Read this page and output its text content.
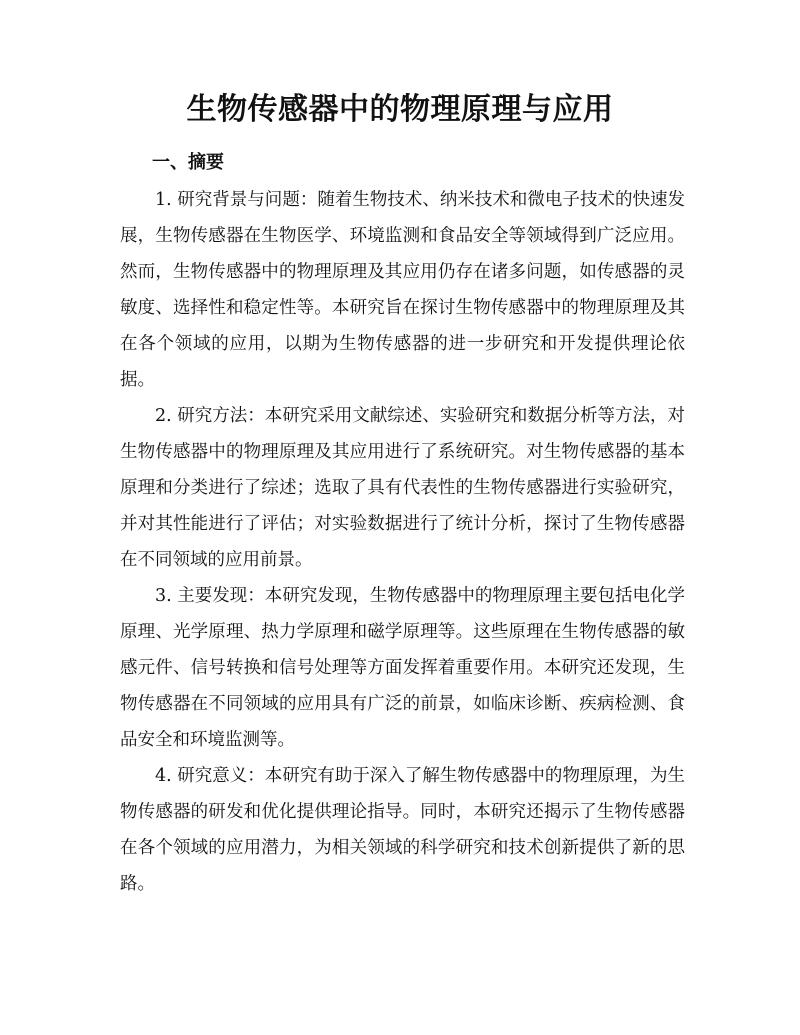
生物传感器中的物理原理与应用
一、摘要

1. 研究背景与问题：随着生物技术、纳米技术和微电子技术的快速发展，生物传感器在生物医学、环境监测和食品安全等领域得到广泛应用。然而，生物传感器中的物理原理及其应用仍存在诸多问题，如传感器的灵敏度、选择性和稳定性等。本研究旨在探讨生物传感器中的物理原理及其在各个领域的应用，以期为生物传感器的进一步研究和开发提供理论依据。

2. 研究方法：本研究采用文献综述、实验研究和数据分析等方法，对生物传感器中的物理原理及其应用进行了系统研究。对生物传感器的基本原理和分类进行了综述；选取了具有代表性的生物传感器进行实验研究，并对其性能进行了评估；对实验数据进行了统计分析，探讨了生物传感器在不同领域的应用前景。

3. 主要发现：本研究发现，生物传感器中的物理原理主要包括电化学原理、光学原理、热力学原理和磁学原理等。这些原理在生物传感器的敏感元件、信号转换和信号处理等方面发挥着重要作用。本研究还发现，生物传感器在不同领域的应用具有广泛的前景，如临床诊断、疾病检测、食品安全和环境监测等。

4. 研究意义：本研究有助于深入了解生物传感器中的物理原理，为生物传感器的研发和优化提供理论指导。同时，本研究还揭示了生物传感器在各个领域的应用潜力，为相关领域的科学研究和技术创新提供了新的思路。
